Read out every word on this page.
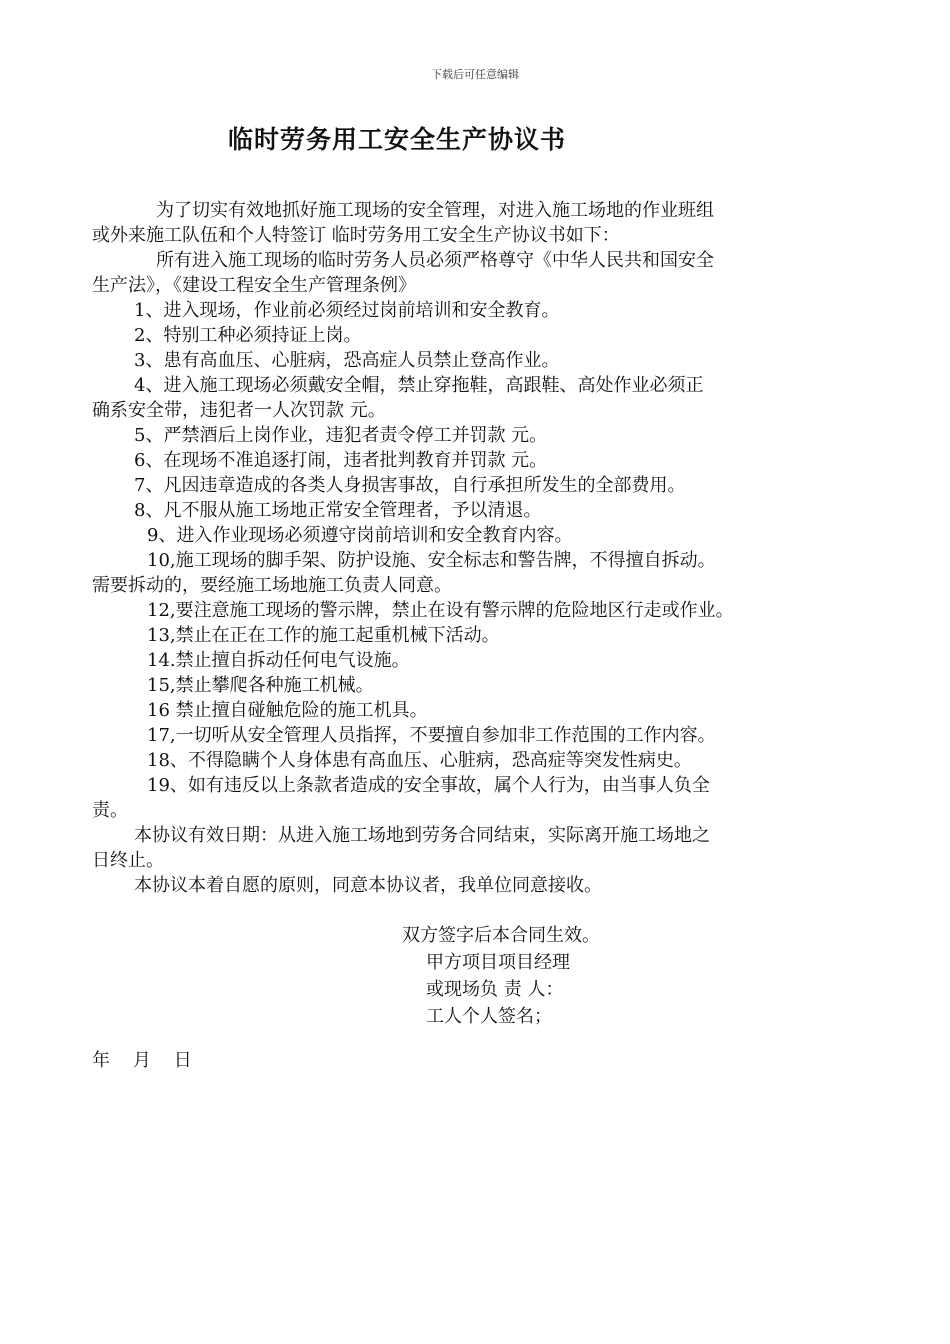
下载后可任意编辑
临时劳务用工安全生产协议书

为了切实有效地抓好施工现场的安全管理，对进入施工场地的作业班组

或外来施工队伍和个人特签订 临时劳务用工安全生产协议书如下：

所有进入施工现场的临时劳务人员必须严格尊守《中华人民共和国安全

生产法》，《建设工程安全生产管理条例》

1、进入现场，作业前必须经过岗前培训和安全教育。

2、特别工种必须持证上岗。

3、患有高血压、心脏病，恐高症人员禁止登高作业。

4、进入施工现场必须戴安全帽，禁止穿拖鞋，高跟鞋、高处作业必须正

确系安全带，违犯者一人次罚款 元。

5、严禁酒后上岗作业，违犯者责令停工并罚款 元。

6、在现场不准追逐打闹，违者批判教育并罚款 元。

7、凡因违章造成的各类人身损害事故，自行承担所发生的全部费用。

8、凡不服从施工场地正常安全管理者，予以清退。

9、进入作业现场必须遵守岗前培训和安全教育内容。

10,施工现场的脚手架、防护设施、安全标志和警告牌，不得擅自拆动。

需要拆动的，要经施工场地施工负责人同意。

12,要注意施工现场的警示牌，禁止在设有警示牌的危险地区行走或作业。

13,禁止在正在工作的施工起重机械下活动。

14.禁止擅自拆动任何电气设施。

15,禁止攀爬各种施工机械。

16 禁止擅自碰触危险的施工机具。

17,一切听从安全管理人员指挥，不要擅自参加非工作范围的工作内容。

18、不得隐瞒个人身体患有高血压、心脏病，恐高症等突发性病史。

19、如有违反以上条款者造成的安全事故，属个人行为，由当事人负全

责。

本协议有效日期：从进入施工场地到劳务合同结束，实际离开施工场地之

日终止。

本协议本着自愿的原则，同意本协议者，我单位同意接收。

双方签字后本合同生效。

甲方项目项目经理

或现场负 责 人：

工人个人签名；

年    月    日
